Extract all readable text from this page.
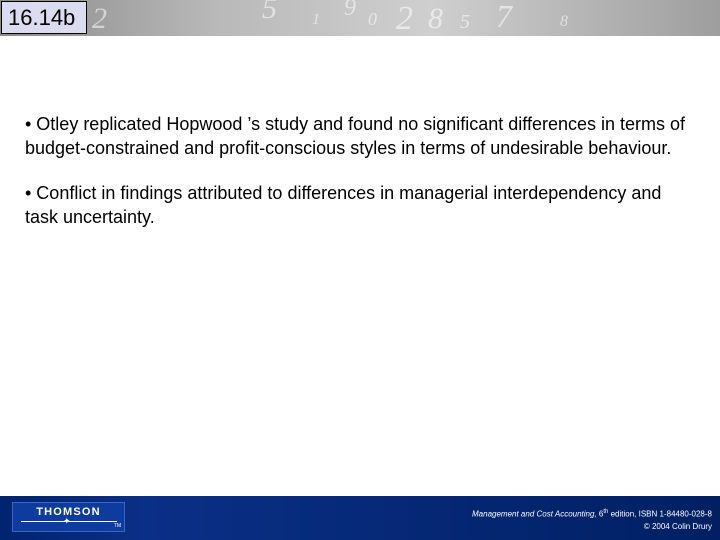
2	5	9
1	0 2 8 5 7	8
16.14b

• Otley replicated Hopwood ’s study and found no significant differences in terms of budget-constrained and profit-conscious styles in terms of undesirable behaviour.

• Conflict in findings attributed to differences in managerial interdependency and task uncertainty.

THOMSON
✦	TM
Management and Cost Accounting, 6th edition, ISBN 1-84480-028-8
© 2004 Colin Drury
